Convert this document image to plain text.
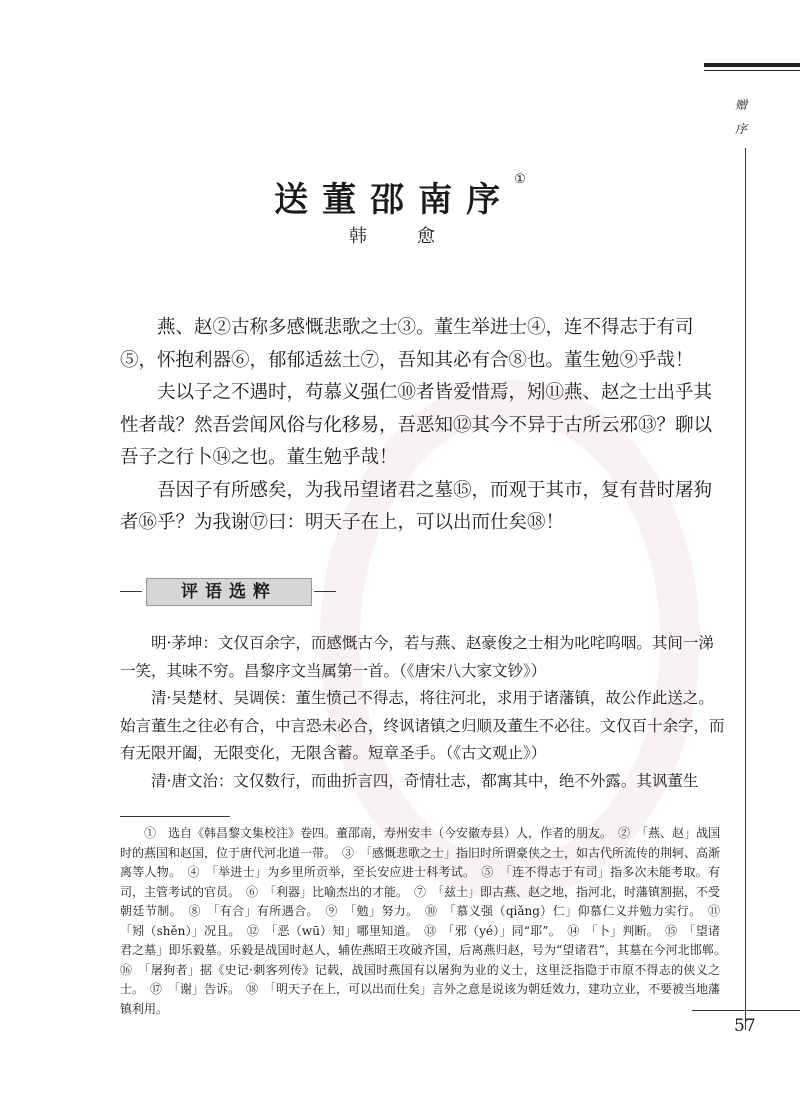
赠
序
送董邵南序①
韩　愈

燕、赵②古称多感慨悲歌之士③。董生举进士④，连不得志于有司⑤，怀抱利器⑥，郁郁适兹土⑦，吾知其必有合⑧也。董生勉⑨乎哉！

夫以子之不遇时，苟慕义强仁⑩者皆爱惜焉，矧⑪燕、赵之士出乎其性者哉？然吾尝闻风俗与化移易，吾恶知⑫其今不异于古所云邪⑬？聊以吾子之行卜⑭之也。董生勉乎哉！

吾因子有所感矣，为我吊望诸君之墓⑮，而观于其市，复有昔时屠狗者⑯乎？为我谢⑰曰：明天子在上，可以出而仕矣⑱！

评语选粹

明·茅坤：文仅百余字，而感慨古今，若与燕、赵豪俊之士相为叱咤呜咽。其间一涕一笑，其味不穷。昌黎序文当属第一首。（《唐宋八大家文钞》）

清·吴楚材、吴调侯：董生愤己不得志，将往河北，求用于诸藩镇，故公作此送之。始言董生之往必有合，中言恐未必合，终讽诸镇之归顺及董生不必往。文仅百十余字，而有无限开阖，无限变化，无限含蓄。短章圣手。（《古文观止》）

清·唐文治：文仅数行，而曲折言四，奇情壮志，都寓其中，绝不外露。其讽董生

①　选自《韩昌黎文集校注》卷四。董邵南，寿州安丰（今安徽寿县）人，作者的朋友。　②　「燕、赵」战国时的燕国和赵国，位于唐代河北道一带。　③　「感慨悲歌之士」指旧时所谓豪侠之士，如古代所流传的荆轲、高渐离等人物。　④　「举进士」为乡里所贡举，至长安应进士科考试。　⑤　「连不得志于有司」指多次未能考取。有司，主管考试的官员。　⑥　「利器」比喻杰出的才能。　⑦　「兹土」即古燕、赵之地，指河北，时藩镇割据，不受朝廷节制。　⑧　「有合」有所遇合。　⑨　「勉」努力。　⑩　「慕义强（qiǎng）仁」仰慕仁义并勉力实行。　⑪　「矧（shěn）」况且。　⑫　「恶（wū）知」哪里知道。　⑬　「邪（yé）」同“耶”。　⑭　「卜」判断。　⑮　「望诸君之墓」即乐毅墓。乐毅是战国时赵人，辅佐燕昭王攻破齐国，后离燕归赵，号为“望诸君”，其墓在今河北邯郸。　⑯　「屠狗者」据《史记·刺客列传》记载，战国时燕国有以屠狗为业的义士，这里泛指隐于市原不得志的侠义之士。　⑰　「谢」告诉。　⑱　「明天子在上，可以出而仕矣」言外之意是说该为朝廷效力，建功立业，不要被当地藩镇利用。

57
